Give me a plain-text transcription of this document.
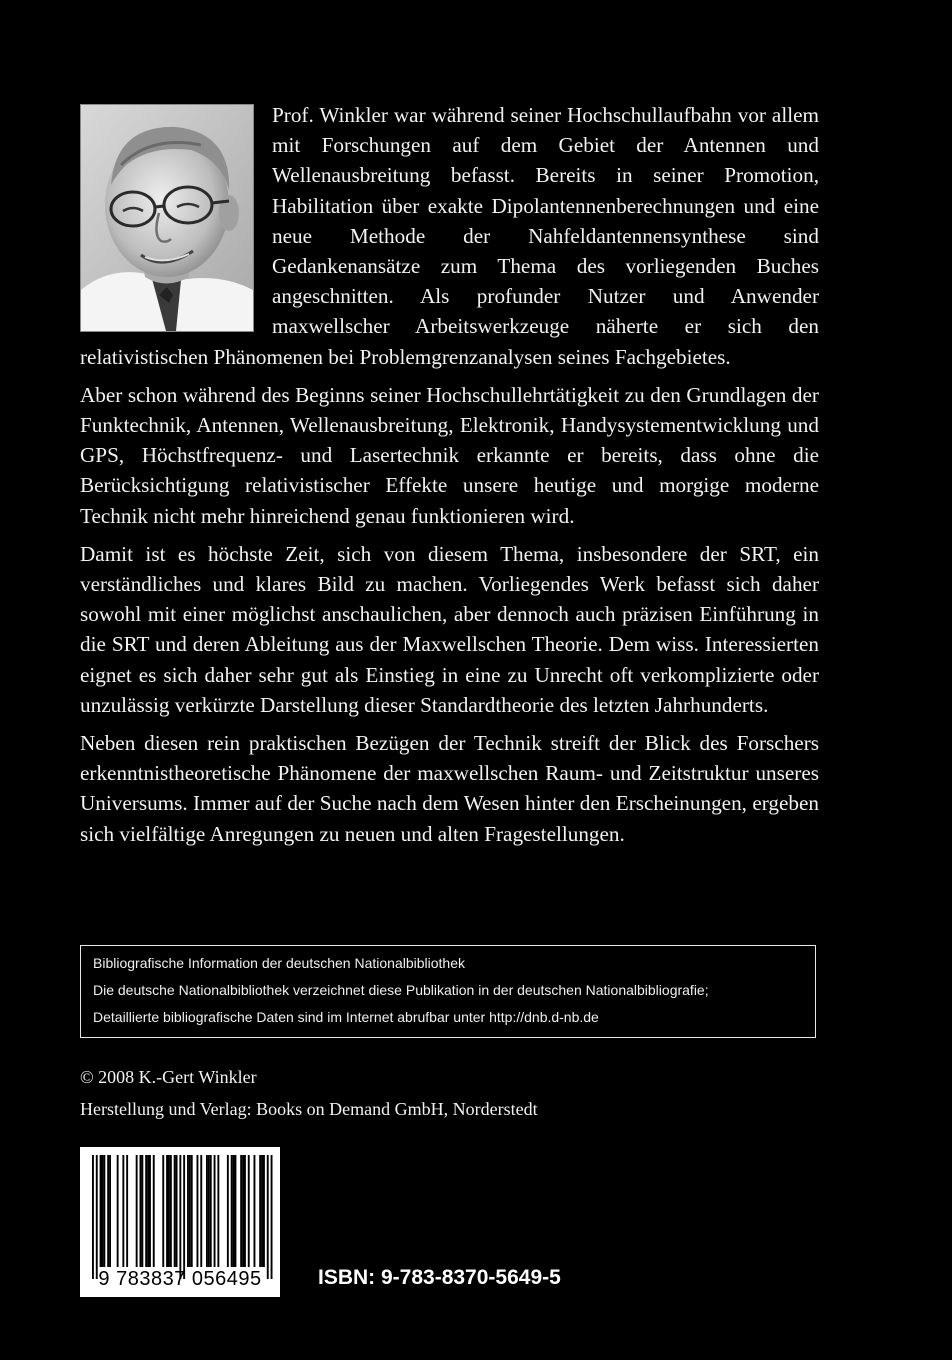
Prof. Winkler war während seiner Hochschullaufbahn vor allem mit Forschungen auf dem Gebiet der Antennen und Wellenausbreitung befasst. Bereits in seiner Promotion, Habilitation über exakte Dipolantennenberechnungen und eine neue Methode der Nahfeldantennensynthese sind Gedankenansätze zum Thema des vorliegenden Buches angeschnitten. Als profunder Nutzer und Anwender maxwellscher Arbeitswerkzeuge näherte er sich den relativistischen Phänomenen bei Problemgrenzanalysen seines Fachgebietes.

Aber schon während des Beginns seiner Hochschullehrtätigkeit zu den Grundlagen der Funktechnik, Antennen, Wellenausbreitung, Elektronik, Handysystementwicklung und GPS, Höchstfrequenz- und Lasertechnik erkannte er bereits, dass ohne die Berücksichtigung relativistischer Effekte unsere heutige und morgige moderne Technik nicht mehr hinreichend genau funktionieren wird.

Damit ist es höchste Zeit, sich von diesem Thema, insbesondere der SRT, ein verständliches und klares Bild zu machen. Vorliegendes Werk befasst sich daher sowohl mit einer möglichst anschaulichen, aber dennoch auch präzisen Einführung in die SRT und deren Ableitung aus der Maxwellschen Theorie. Dem wiss. Interessierten eignet es sich daher sehr gut als Einstieg in eine zu Unrecht oft verkomplizierte oder unzulässig verkürzte Darstellung dieser Standardtheorie des letzten Jahrhunderts.

Neben diesen rein praktischen Bezügen der Technik streift der Blick des Forschers erkenntnistheoretische Phänomene der maxwellschen Raum- und Zeitstruktur unseres Universums. Immer auf der Suche nach dem Wesen hinter den Erscheinungen, ergeben sich vielfältige Anregungen zu neuen und alten Fragestellungen.

Bibliografische Information der deutschen Nationalbibliothek
Die deutsche Nationalbibliothek verzeichnet diese Publikation in der deutschen Nationalbibliografie;
Detaillierte bibliografische Daten sind im Internet abrufbar unter http://dnb.d-nb.de
© 2008 K.-Gert Winkler
Herstellung und Verlag: Books on Demand GmbH, Norderstedt
9 783837 056495	ISBN: 9-783-8370-5649-5
